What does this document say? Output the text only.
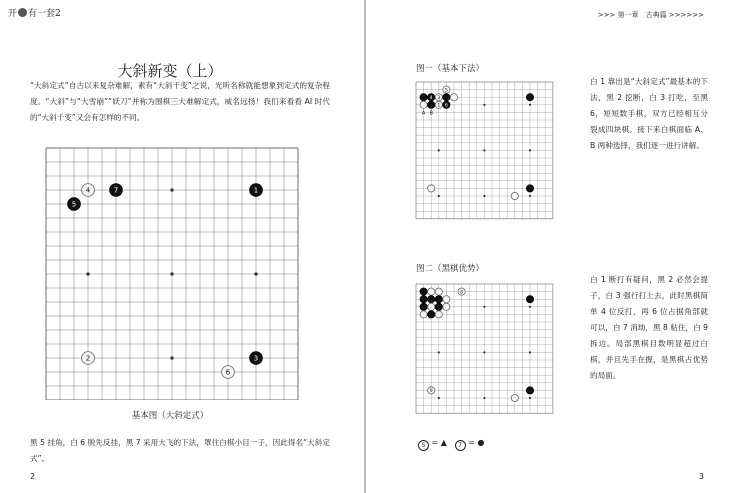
开 有一套2
大斜新变（上）
“大斜定式”自古以来复杂难解，素有“大斜千变”之说，光听名称就能想象到定式的复杂程度。“大斜”与“大雪崩”“妖刀”并称为围棋三大难解定式，威名远扬！我们来看看 AI 时代的“大斜千变”又会有怎样的不同。
4	7	1
5
2	3
6
基本图（大斜定式）
黑 5 挂角，白 6 脱先反挂，黑 7 采用大飞的下法，罩住白棋小目一子，因此得名“大斜定式”。
2
>>> 第一章　古典篇 >>>>>>
图一（基本下法）
4 3
1 6
5
A B
白 1 靠出是“大斜定式”最基本的下法，黑 2 挖断，白 3 打吃，至黑 6，短短数手棋，双方已经相互分裂成四块棋。接下来白棋面临 A、B 两种选择，我们逐一进行讲解。
图二（黑棋优势）
8
9
白 1 断打有疑问，黑 2 必然会提子，白 3 强行打上去，此时黑棋简单 4 位反打，再 6 位占据角部就可以，白 7 消劫，黑 8 粘住，白 9 拆边。局部黑棋目数明显超过白棋，并且先手在握，是黑棋占优势的局面。
5 = ▲ 7 = ●
3
